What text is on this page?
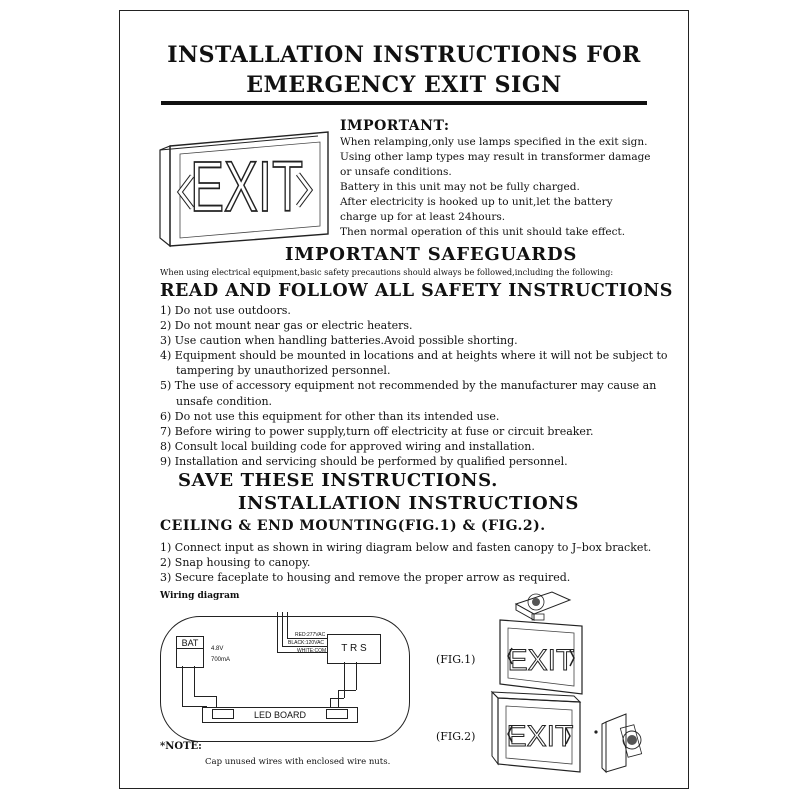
INSTALLATION INSTRUCTIONS FOR
EMERGENCY EXIT SIGN
EXIT
IMPORTANT:
When relamping,only use lamps specified in the exit sign.
Using other lamp types may result in transformer damage
or unsafe conditions.
Battery in this unit may not be fully charged.
After electricity is hooked up to unit,let the battery
charge up for at least 24hours.
Then normal operation of this unit should take effect.
IMPORTANT SAFEGUARDS
When using electrical equipment,basic safety precautions should always be followed,including the following:
READ AND FOLLOW ALL SAFETY INSTRUCTIONS
1) Do not use outdoors.
2) Do not mount near gas or electric heaters.
3) Use caution when handling batteries.Avoid possible shorting.
4) Equipment should be mounted in locations and at heights where it will not be subject to
tampering by unauthorized personnel.
5) The use of accessory equipment not recommended by the manufacturer may cause an
unsafe condition.
6) Do not use this equipment for other than its intended use.
7) Before wiring to power supply,turn off electricity at fuse or circuit breaker.
8) Consult local building code for approved wiring and installation.
9) Installation and servicing should be performed by qualified personnel.
SAVE THESE INSTRUCTIONS.
INSTALLATION INSTRUCTIONS
CEILING & END MOUNTING(FIG.1) & (FIG.2).
1) Connect input as shown in wiring diagram below and fasten canopy to J–box bracket.
2) Snap housing to canopy.
3) Secure faceplate to housing and remove the proper arrow as required.
Wiring diagram
BAT
4.8V
700mA
RED:277VAC
BLACK:120VAC
WHITE:COM	T R S
LED BOARD
(FIG.1)
(FIG.2)
EXIT
EXIT
*NOTE:
Cap unused wires with enclosed wire nuts.
